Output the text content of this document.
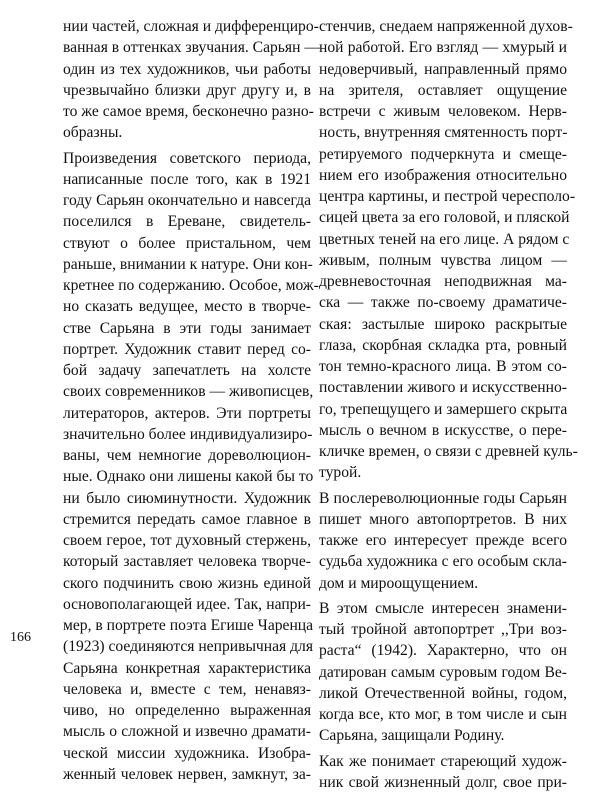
нии частей, сложная и дифференциро-
ванная в оттенках звучания. Сарьян —
один из тех художников, чьи работы
чрезвычайно близки друг другу и, в
то же самое время, бесконечно разно-
образны.

Произведения советского периода,
написанные после того, как в 1921
году Сарьян окончательно и навсегда
поселился в Ереване, свидетель-
ствуют о более пристальном, чем
раньше, внимании к натуре. Они кон-
кретнее по содержанию. Особое, мож-
но сказать ведущее, место в творче-
стве Сарьяна в эти годы занимает
портрет. Художник ставит перед со-
бой задачу запечатлеть на холсте
своих современников — живописцев,
литераторов, актеров. Эти портреты
значительно более индивидуализиро-
ваны, чем немногие дореволюцион-
ные. Однако они лишены какой бы то
ни было сиюминутности. Художник
стремится передать самое главное в
своем герое, тот духовный стержень,
который заставляет человека творче-
ского подчинить свою жизнь единой
основополагающей идее. Так, напри-
мер, в портрете поэта Егише Чаренца
(1923) соединяются непривычная для
Сарьяна конкретная характеристика
человека и, вместе с тем, ненавяз-
чиво, но определенно выраженная
мысль о сложной и извечно драмати-
ческой миссии художника. Изобра-
женный человек нервен, замкнут, за-

стенчив, снедаем напряженной духов-
ной работой. Его взгляд — хмурый и
недоверчивый, направленный прямо
на зрителя, оставляет ощущение
встречи с живым человеком. Нерв-
ность, внутренняя смятенность порт-
ретируемого подчеркнута и смеще-
нием его изображения относительно
центра картины, и пестрой чересполо-
сицей цвета за его головой, и пляской
цветных теней на его лице. А рядом с
живым, полным чувства лицом —
древневосточная неподвижная ма-
ска — также по-своему драматиче-
ская: застылые широко раскрытые
глаза, скорбная складка рта, ровный
тон темно-красного лица. В этом со-
поставлении живого и искусственно-
го, трепещущего и замершего скрыта
мысль о вечном в искусстве, о пере-
кличке времен, о связи с древней куль-
турой.

В послереволюционные годы Сарьян
пишет много автопортретов. В них
также его интересует прежде всего
судьба художника с его особым скла-
дом и мироощущением.

В этом смысле интересен знамени-
тый тройной автопортрет ,,Три воз-
раста“ (1942). Характерно, что он
датирован самым суровым годом Ве-
ликой Отечественной войны, годом,
когда все, кто мог, в том числе и сын
Сарьяна, защищали Родину.

Как же понимает стареющий худож-
ник свой жизненный долг, свое при-

166
